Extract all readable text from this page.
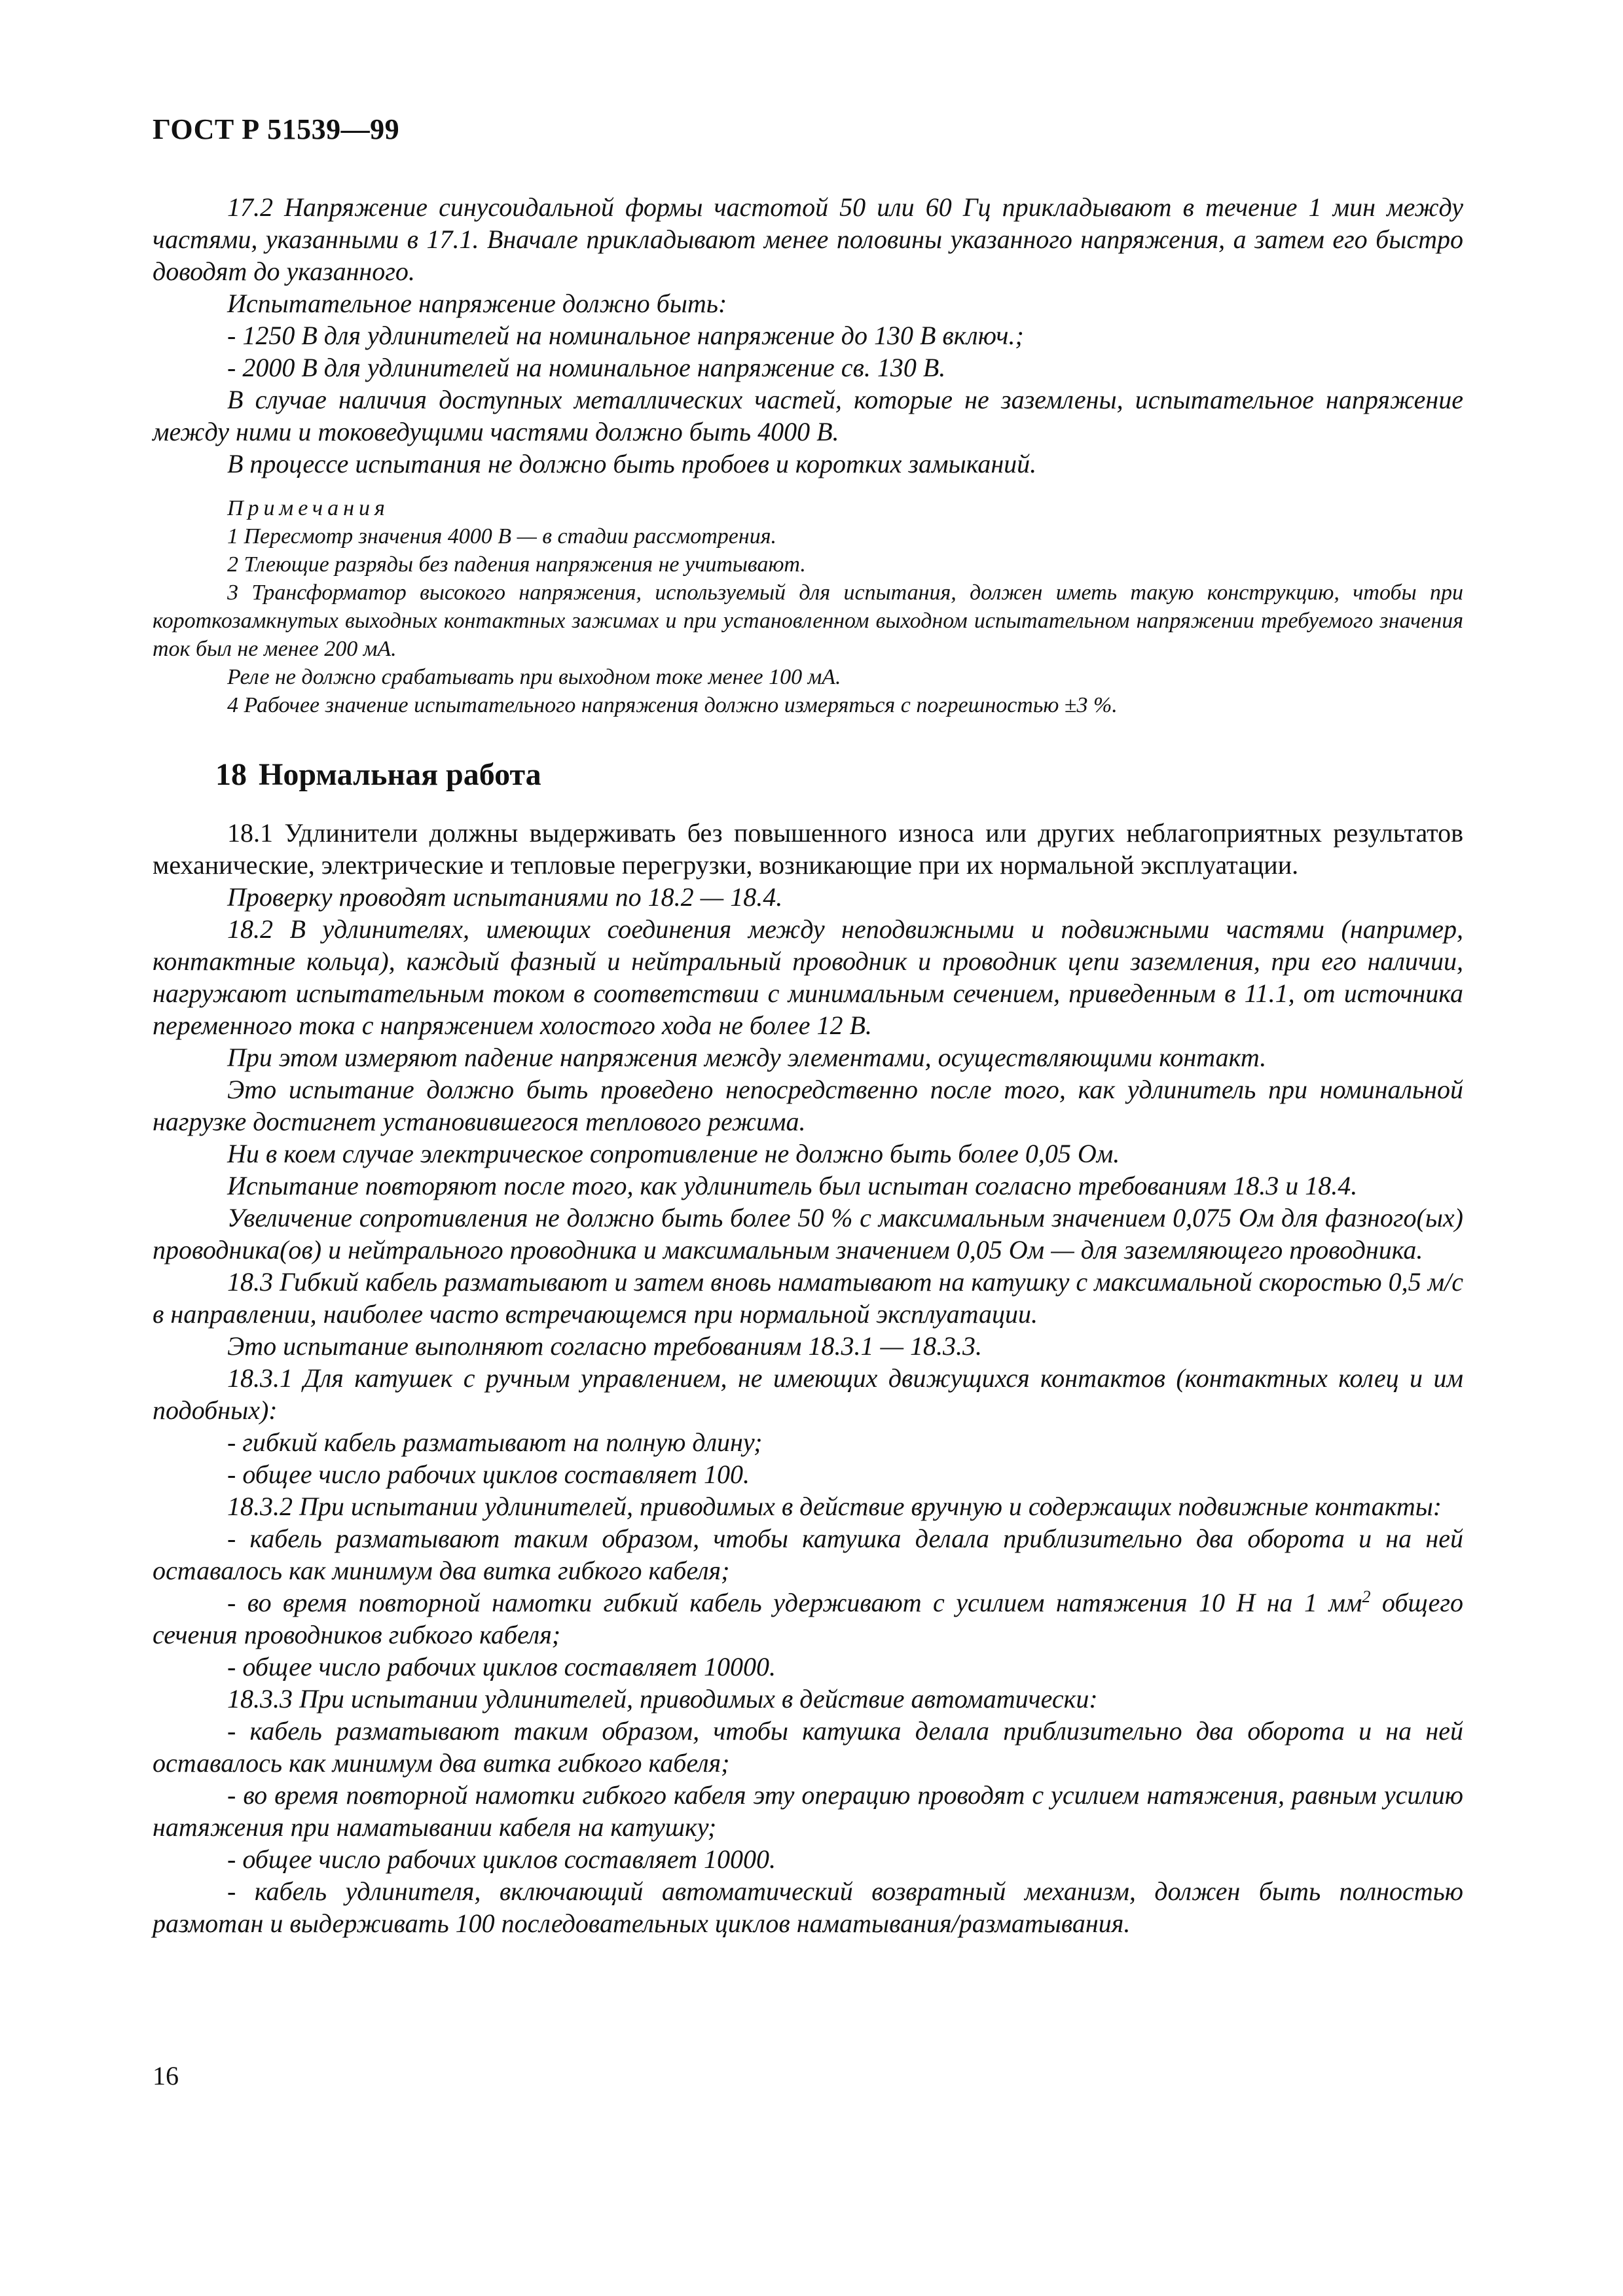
ГОСТ Р 51539—99

17.2 Напряжение синусоидальной формы частотой 50 или 60 Гц прикладывают в течение 1 мин между частями, указанными в 17.1. Вначале прикладывают менее половины указанного напряжения, а затем его быстро доводят до указанного.

Испытательное напряжение должно быть:

- 1250 В для удлинителей на номинальное напряжение до 130 В включ.;

- 2000 В для удлинителей на номинальное напряжение св. 130 В.

В случае наличия доступных металлических частей, которые не заземлены, испытательное напряжение между ними и токоведущими частями должно быть 4000 В.

В процессе испытания не должно быть пробоев и коротких замыканий.

Примечания

1 Пересмотр значения 4000 В — в стадии рассмотрения.

2 Тлеющие разряды без падения напряжения не учитывают.

3 Трансформатор высокого напряжения, используемый для испытания, должен иметь такую конструкцию, чтобы при короткозамкнутых выходных контактных зажимах и при установленном выходном испытательном напряжении требуемого значения ток был не менее 200 мА.

Реле не должно срабатывать при выходном токе менее 100 мА.

4 Рабочее значение испытательного напряжения должно измеряться с погрешностью ±3 %.

18 Нормальная работа

18.1 Удлинители должны выдерживать без повышенного износа или других неблагоприятных результатов механические, электрические и тепловые перегрузки, возникающие при их нормальной эксплуатации.

Проверку проводят испытаниями по 18.2 — 18.4.

18.2 В удлинителях, имеющих соединения между неподвижными и подвижными частями (например, контактные кольца), каждый фазный и нейтральный проводник и проводник цепи заземления, при его наличии, нагружают испытательным током в соответствии с минимальным сечением, приведенным в 11.1, от источника переменного тока с напряжением холостого хода не более 12 В.

При этом измеряют падение напряжения между элементами, осуществляющими контакт.

Это испытание должно быть проведено непосредственно после того, как удлинитель при номинальной нагрузке достигнет установившегося теплового режима.

Ни в коем случае электрическое сопротивление не должно быть более 0,05 Ом.

Испытание повторяют после того, как удлинитель был испытан согласно требованиям 18.3 и 18.4.

Увеличение сопротивления не должно быть более 50 % с максимальным значением 0,075 Ом для фазного(ых) проводника(ов) и нейтрального проводника и максимальным значением 0,05 Ом — для заземляющего проводника.

18.3 Гибкий кабель разматывают и затем вновь наматывают на катушку с максимальной скоростью 0,5 м/с в направлении, наиболее часто встречающемся при нормальной эксплуатации.

Это испытание выполняют согласно требованиям 18.3.1 — 18.3.3.

18.3.1 Для катушек с ручным управлением, не имеющих движущихся контактов (контактных колец и им подобных):

- гибкий кабель разматывают на полную длину;

- общее число рабочих циклов составляет 100.

18.3.2 При испытании удлинителей, приводимых в действие вручную и содержащих подвижные контакты:

- кабель разматывают таким образом, чтобы катушка делала приблизительно два оборота и на ней оставалось как минимум два витка гибкого кабеля;

- во время повторной намотки гибкий кабель удерживают с усилием натяжения 10 Н на 1 $мм^2$ общего сечения проводников гибкого кабеля;

- общее число рабочих циклов составляет 10000.

18.3.3 При испытании удлинителей, приводимых в действие автоматически:

- кабель разматывают таким образом, чтобы катушка делала приблизительно два оборота и на ней оставалось как минимум два витка гибкого кабеля;

- во время повторной намотки гибкого кабеля эту операцию проводят с усилием натяжения, равным усилию натяжения при наматывании кабеля на катушку;

- общее число рабочих циклов составляет 10000.

- кабель удлинителя, включающий автоматический возвратный механизм, должен быть полностью размотан и выдерживать 100 последовательных циклов наматывания/разматывания.

16
